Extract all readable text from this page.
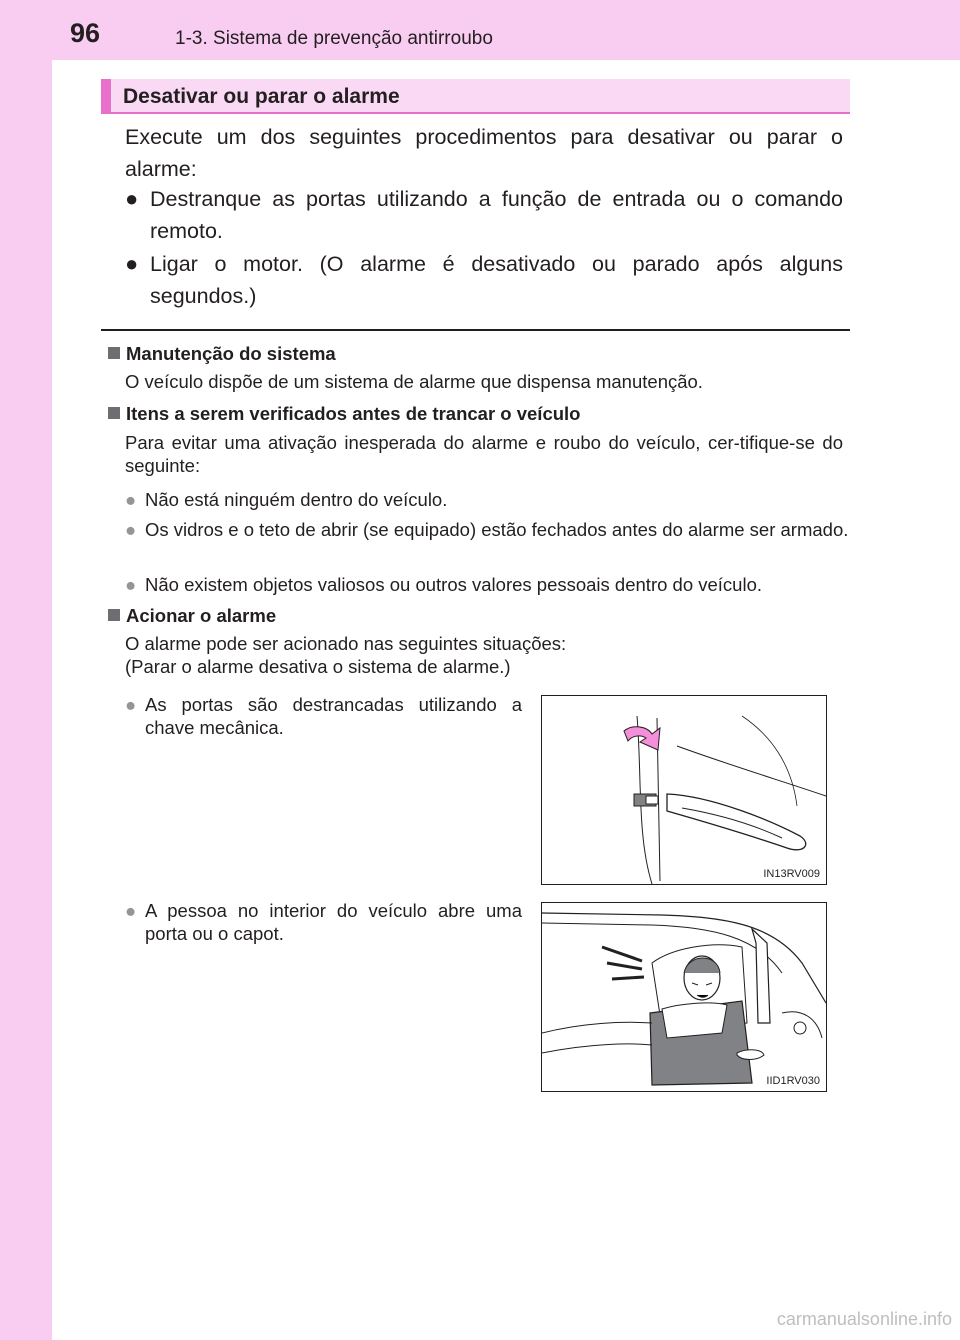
96	1-3. Sistema de prevenção antirroubo
Desativar ou parar o alarme
Execute um dos seguintes procedimentos para desativar ou parar o alarme:
● Destranque as portas utilizando a função de entrada ou o comando remoto.
● Ligar o motor. (O alarme é desativado ou parado após alguns segundos.)
Manutenção do sistema
O veículo dispõe de um sistema de alarme que dispensa manutenção.
Itens a serem verificados antes de trancar o veículo
Para evitar uma ativação inesperada do alarme e roubo do veículo, cer-tifique-se do seguinte:
● Não está ninguém dentro do veículo.
● Os vidros e o teto de abrir (se equipado) estão fechados antes do alarme ser armado.
● Não existem objetos valiosos ou outros valores pessoais dentro do veículo.
Acionar o alarme
O alarme pode ser acionado nas seguintes situações:
(Parar o alarme desativa o sistema de alarme.)
● As portas são destrancadas utilizando a chave mecânica.
● A pessoa no interior do veículo abre uma porta ou o capot.
IN13RV009
IID1RV030
carmanualsonline.info
